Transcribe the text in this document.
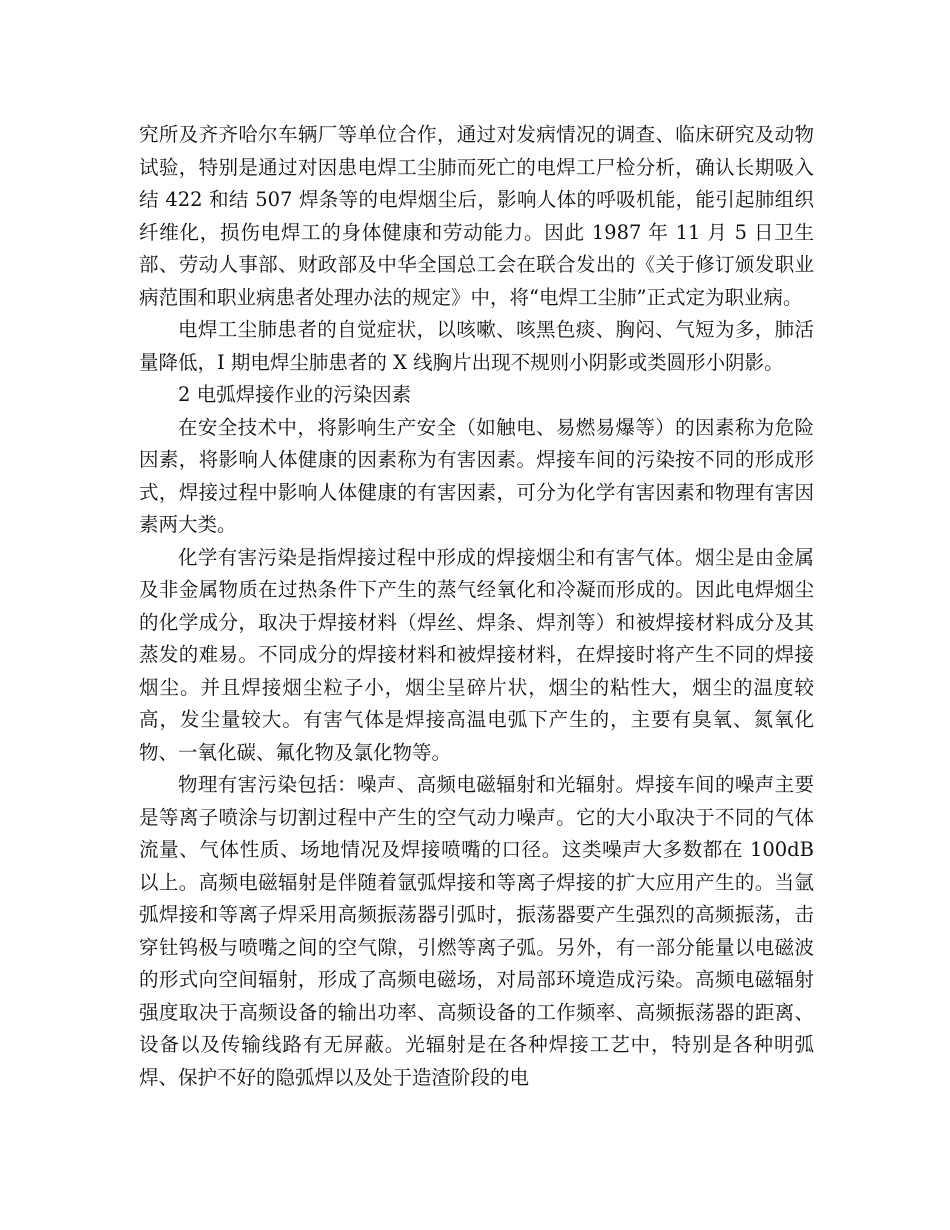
究所及齐齐哈尔车辆厂等单位合作，通过对发病情况的调查、临床研究及动物试验，特别是通过对因患电焊工尘肺而死亡的电焊工尸检分析，确认长期吸入结 422 和结 507 焊条等的电焊烟尘后，影响人体的呼吸机能，能引起肺组织纤维化，损伤电焊工的身体健康和劳动能力。因此 1987 年 11 月 5 日卫生部、劳动人事部、财政部及中华全国总工会在联合发出的《关于修订颁发职业病范围和职业病患者处理办法的规定》中，将“电焊工尘肺”正式定为职业病。

电焊工尘肺患者的自觉症状，以咳嗽、咳黑色痰、胸闷、气短为多，肺活量降低，I 期电焊尘肺患者的 X 线胸片出现不规则小阴影或类圆形小阴影。

2 电弧焊接作业的污染因素

在安全技术中，将影响生产安全（如触电、易燃易爆等）的因素称为危险因素，将影响人体健康的因素称为有害因素。焊接车间的污染按不同的形成形式，焊接过程中影响人体健康的有害因素，可分为化学有害因素和物理有害因素两大类。

化学有害污染是指焊接过程中形成的焊接烟尘和有害气体。烟尘是由金属及非金属物质在过热条件下产生的蒸气经氧化和冷凝而形成的。因此电焊烟尘的化学成分，取决于焊接材料（焊丝、焊条、焊剂等）和被焊接材料成分及其蒸发的难易。不同成分的焊接材料和被焊接材料，在焊接时将产生不同的焊接烟尘。并且焊接烟尘粒子小，烟尘呈碎片状，烟尘的粘性大，烟尘的温度较高，发尘量较大。有害气体是焊接高温电弧下产生的，主要有臭氧、氮氧化物、一氧化碳、氟化物及氯化物等。

物理有害污染包括：噪声、高频电磁辐射和光辐射。焊接车间的噪声主要是等离子喷涂与切割过程中产生的空气动力噪声。它的大小取决于不同的气体流量、气体性质、场地情况及焊接喷嘴的口径。这类噪声大多数都在 100dB 以上。高频电磁辐射是伴随着氩弧焊接和等离子焊接的扩大应用产生的。当氩弧焊接和等离子焊采用高频振荡器引弧时，振荡器要产生强烈的高频振荡，击穿钍钨极与喷嘴之间的空气隙，引燃等离子弧。另外，有一部分能量以电磁波的形式向空间辐射，形成了高频电磁场，对局部环境造成污染。高频电磁辐射强度取决于高频设备的输出功率、高频设备的工作频率、高频振荡器的距离、设备以及传输线路有无屏蔽。光辐射是在各种焊接工艺中，特别是各种明弧焊、保护不好的隐弧焊以及处于造渣阶段的电
